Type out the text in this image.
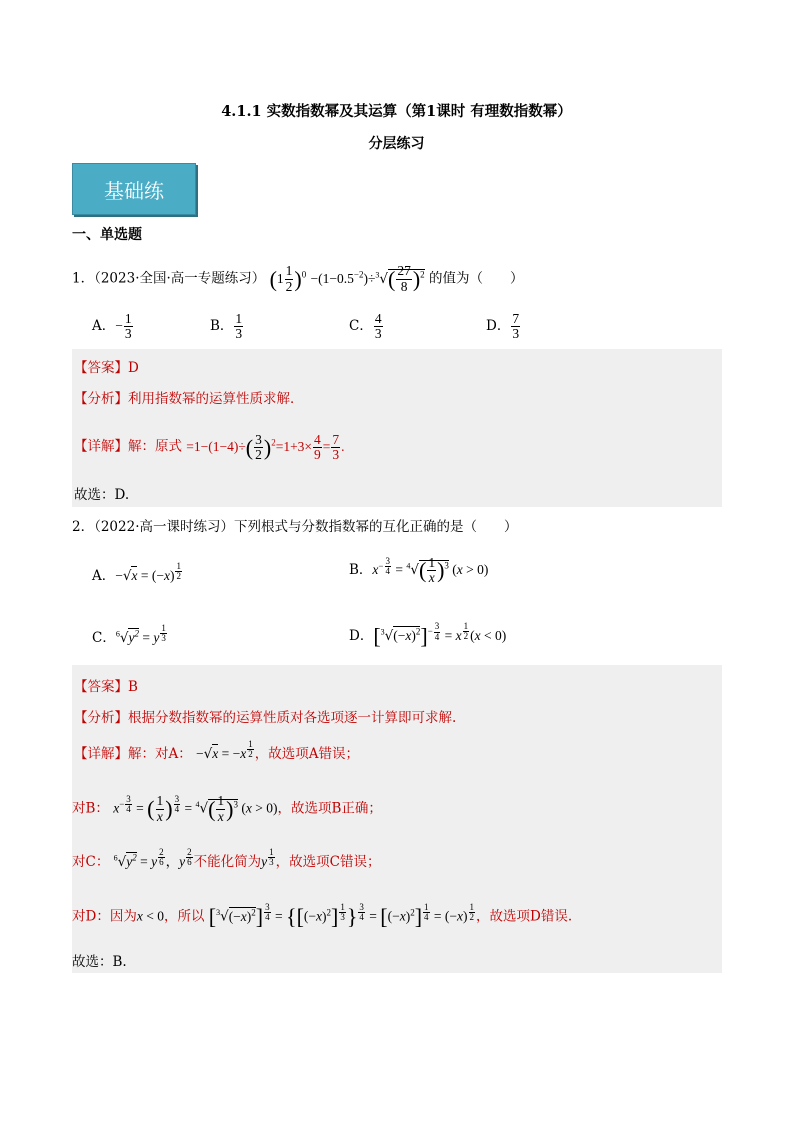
4.1.1 实数指数幂及其运算（第1课时 有理数指数幂）
分层练习
基础练
一、单选题
1．（2023·全国·高一专题练习） $(1 \frac{1}{2} )^0 -(1-0.5^{-2})\div^3√( \frac{27}{8} )^2$ 的值为（　　）
A．− $\frac{1}{3}$	B． $\frac{1}{3}$	C． $\frac{4}{3}$	D． $\frac{7}{3}$
【答案】D
【分析】利用指数幂的运算性质求解．
【详解】解：原式 $=1-(1-4)\div( \frac{3}{2} )^2=1+3\times \frac{4}{9} = \frac{7}{3}$ .
故选：D.
2．（2022·高一课时练习）下列根式与分数指数幂的互化正确的是（　　）
A．−√x = (−x) $^{\frac{1}{2}}$	B．$x^{- \frac{3}{4}} = ^4√( \frac{1}{x} )^3$ (x > 0)
C．$^6√y^2 = y$ $^{\frac{1}{3}}$	D．$[^3√(-x)^2]^{- \frac{3}{4}} = x$ $^{\frac{1}{2}}$ (x < 0)
【答案】B
【分析】根据分数指数幂的运算性质对各选项逐一计算即可求解.
【详解】解：对A： −√x = −x $^{\frac{1}{2}}$ ，故选项A错误；
对B： $x^{- \frac{3}{4}}$ = ( $\frac{1}{x}$ ) $^{\frac{3}{4}} = ^4√( \frac{1}{x} )^3$ (x > 0)，故选项B正确；
对C： $^6√y^2 = y$ $^{\frac{2}{6}}$ ，y $^{\frac{2}{6}}$ 不能化简为y $^{\frac{1}{3}}$ ，故选项C错误；
对D：因为x < 0，所以 $[^3√(-x)^2] ^{\frac{3}{4}} = \{[(-x)^2]$ $^{\frac{1}{3}}$ } $^{\frac{3}{4}} = [(-x)^2] ^{\frac{1}{4}} = (-x)$ $^{\frac{1}{2}}$ ，故选项D错误.
故选：B.
